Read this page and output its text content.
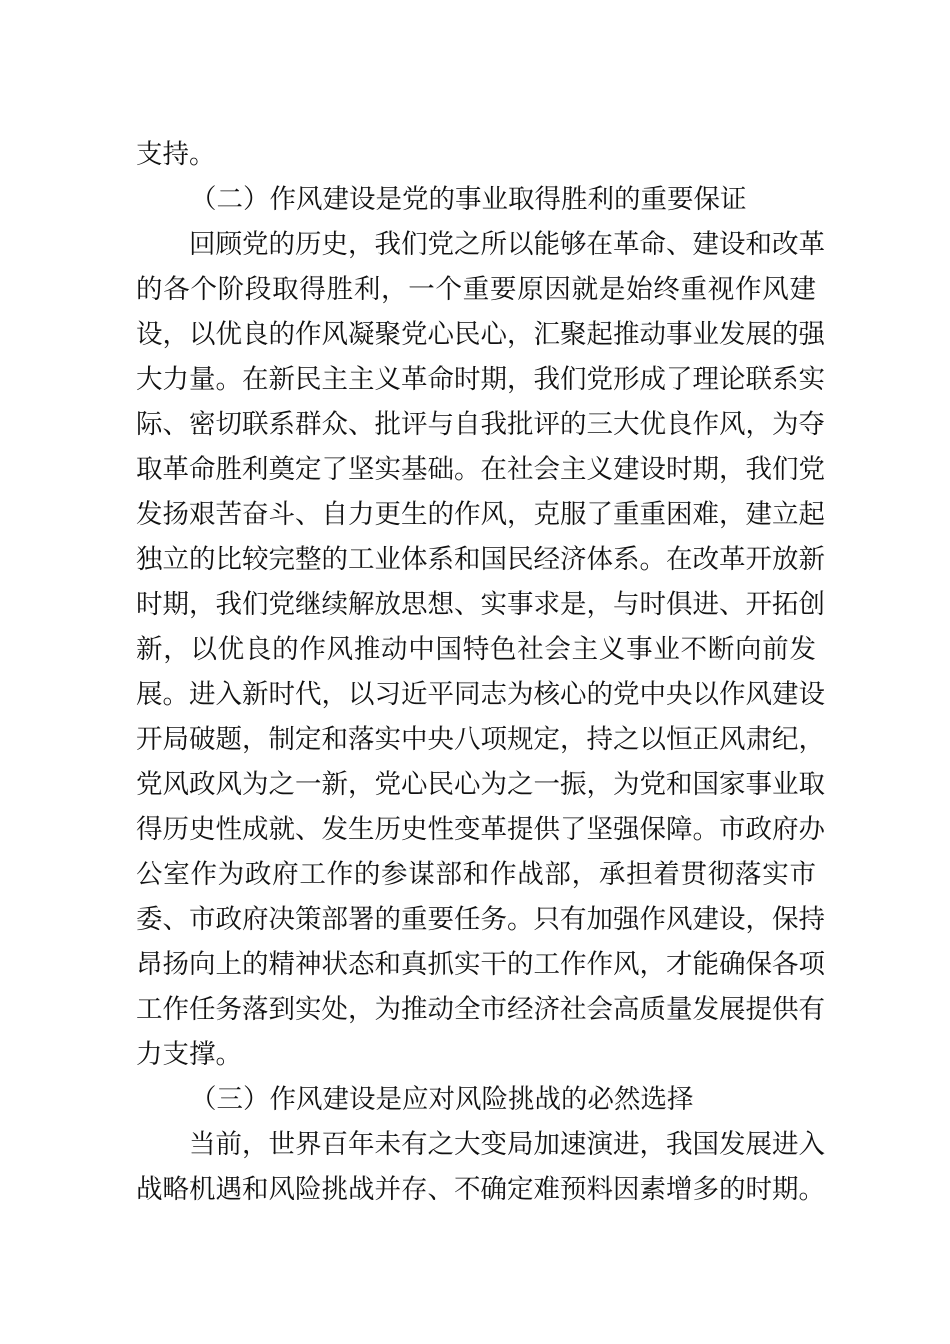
支持。
（二）作风建设是党的事业取得胜利的重要保证
回顾党的历史，我们党之所以能够在革命、建设和改革
的各个阶段取得胜利，一个重要原因就是始终重视作风建
设，以优良的作风凝聚党心民心，汇聚起推动事业发展的强
大力量。在新民主主义革命时期，我们党形成了理论联系实
际、密切联系群众、批评与自我批评的三大优良作风，为夺
取革命胜利奠定了坚实基础。在社会主义建设时期，我们党
发扬艰苦奋斗、自力更生的作风，克服了重重困难，建立起
独立的比较完整的工业体系和国民经济体系。在改革开放新
时期，我们党继续解放思想、实事求是，与时俱进、开拓创
新，以优良的作风推动中国特色社会主义事业不断向前发
展。进入新时代，以习近平同志为核心的党中央以作风建设
开局破题，制定和落实中央八项规定，持之以恒正风肃纪，
党风政风为之一新，党心民心为之一振，为党和国家事业取
得历史性成就、发生历史性变革提供了坚强保障。市政府办
公室作为政府工作的参谋部和作战部，承担着贯彻落实市
委、市政府决策部署的重要任务。只有加强作风建设，保持
昂扬向上的精神状态和真抓实干的工作作风，才能确保各项
工作任务落到实处，为推动全市经济社会高质量发展提供有
力支撑。
（三）作风建设是应对风险挑战的必然选择
当前，世界百年未有之大变局加速演进，我国发展进入
战略机遇和风险挑战并存、不确定难预料因素增多的时期。
